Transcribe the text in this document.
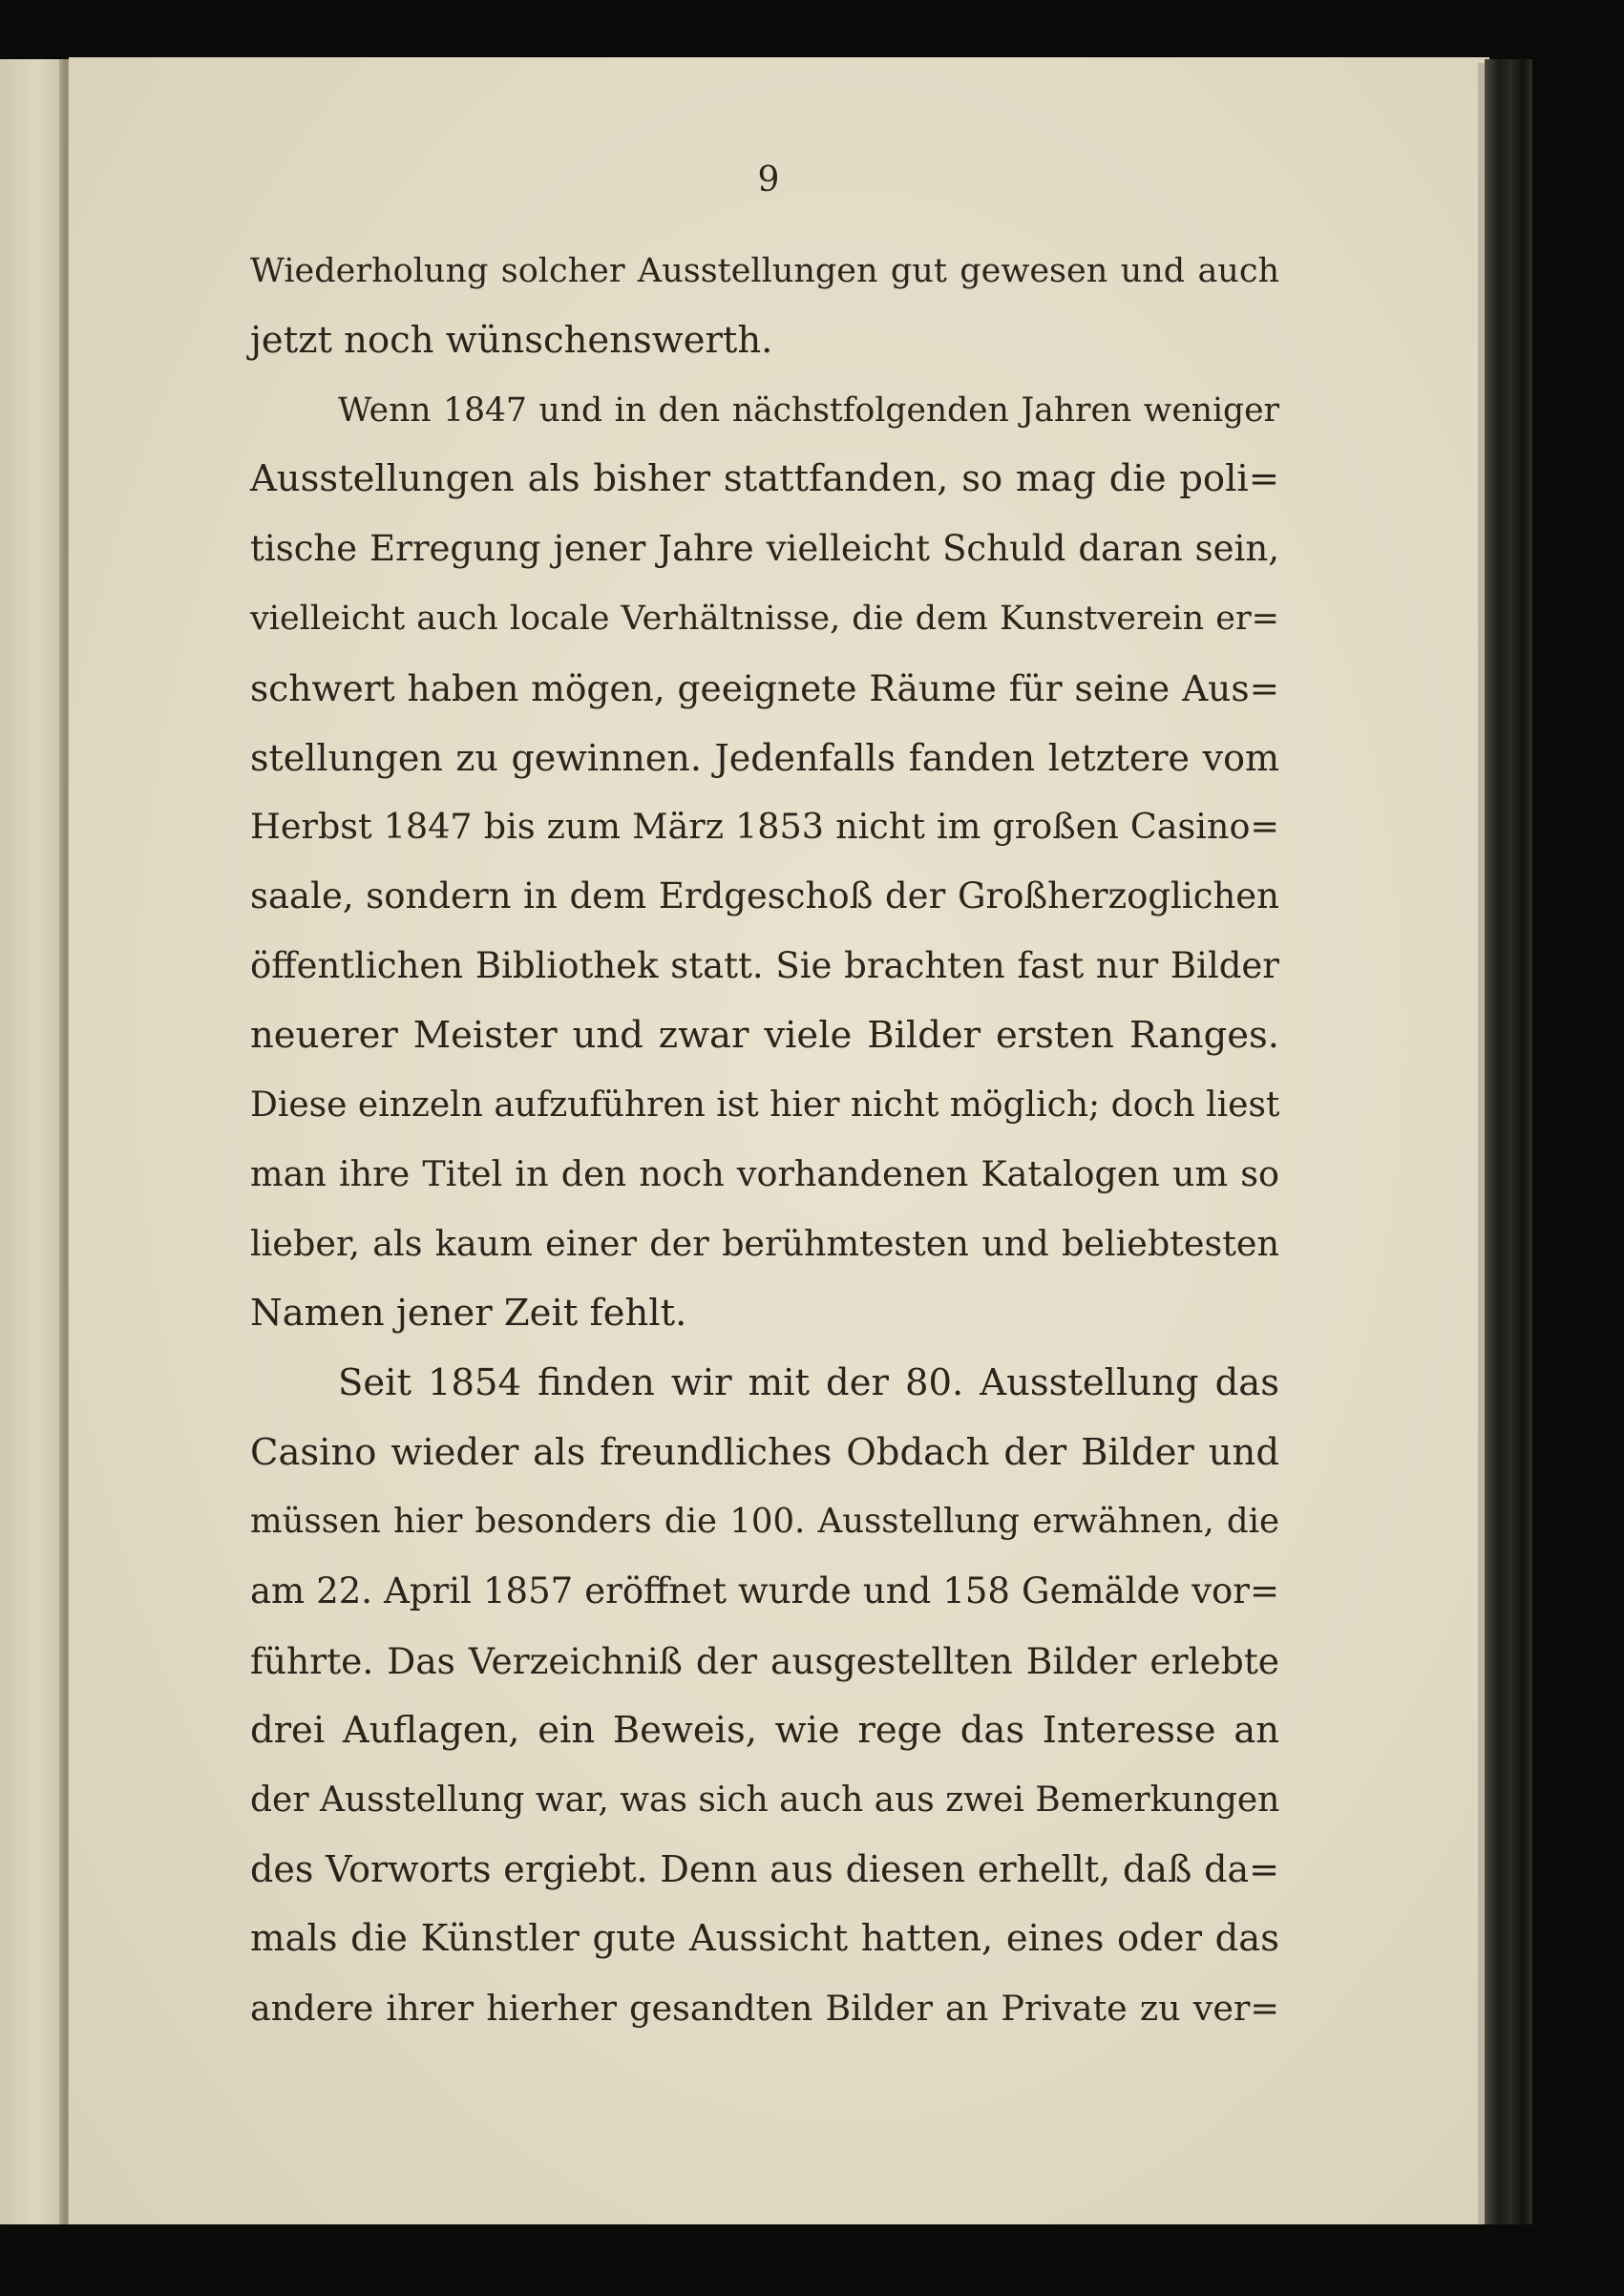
9
Wiederholung solcher Ausstellungen gut gewesen und auch
jetzt noch wünschenswerth.
Wenn 1847 und in den nächstfolgenden Jahren weniger
Ausstellungen als bisher stattfanden, so mag die poli=
tische Erregung jener Jahre vielleicht Schuld daran sein,
vielleicht auch locale Verhältnisse, die dem Kunstverein er=
schwert haben mögen, geeignete Räume für seine Aus=
stellungen zu gewinnen. Jedenfalls fanden letztere vom
Herbst 1847 bis zum März 1853 nicht im großen Casino=
saale, sondern in dem Erdgeschoß der Großherzoglichen
öffentlichen Bibliothek statt. Sie brachten fast nur Bilder
neuerer Meister und zwar viele Bilder ersten Ranges.
Diese einzeln aufzuführen ist hier nicht möglich; doch liest
man ihre Titel in den noch vorhandenen Katalogen um so
lieber, als kaum einer der berühmtesten und beliebtesten
Namen jener Zeit fehlt.
Seit 1854 finden wir mit der 80. Ausstellung das
Casino wieder als freundliches Obdach der Bilder und
müssen hier besonders die 100. Ausstellung erwähnen, die
am 22. April 1857 eröffnet wurde und 158 Gemälde vor=
führte. Das Verzeichniß der ausgestellten Bilder erlebte
drei Auflagen, ein Beweis, wie rege das Interesse an
der Ausstellung war, was sich auch aus zwei Bemerkungen
des Vorworts ergiebt. Denn aus diesen erhellt, daß da=
mals die Künstler gute Aussicht hatten, eines oder das
andere ihrer hierher gesandten Bilder an Private zu ver=
